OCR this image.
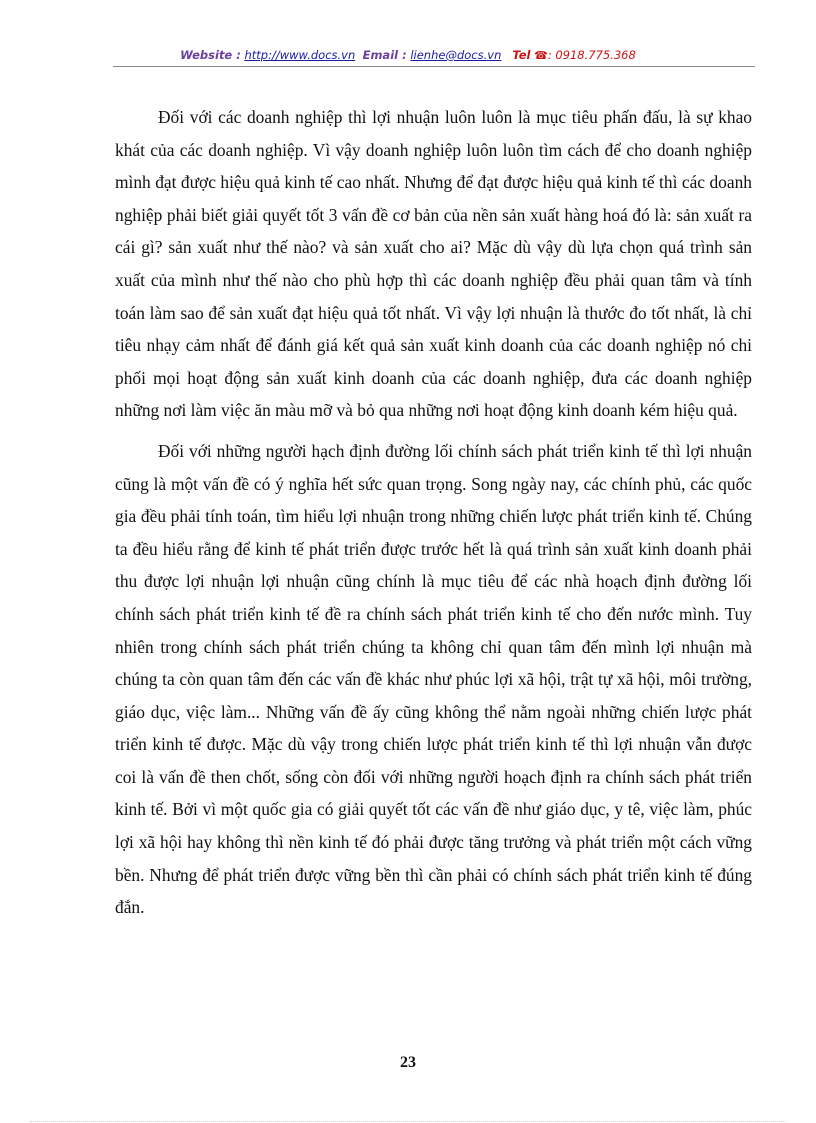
Website : http://www.docs.vn Email : lienhe@docs.vn Tel ☎: 0918.775.368

Đối với các doanh nghiệp thì lợi nhuận luôn luôn là mục tiêu phấn đấu, là sự khao khát của các doanh nghiệp. Vì vậy doanh nghiệp luôn luôn tìm cách để cho doanh nghiệp mình đạt được hiệu quả kinh tế cao nhất. Nhưng để đạt được hiệu quả kinh tế thì các doanh nghiệp phải biết giải quyết tốt 3 vấn đề cơ bản của nền sản xuất hàng hoá đó là: sản xuất ra cái gì? sản xuất như thế nào? và sản xuất cho ai? Mặc dù vậy dù lựa chọn quá trình sản xuất của mình như thế nào cho phù hợp thì các doanh nghiệp đều phải quan tâm và tính toán làm sao để sản xuất đạt hiệu quả tốt nhất. Vì vậy lợi nhuận là thước đo tốt nhất, là chỉ tiêu nhạy cảm nhất để đánh giá kết quả sản xuất kinh doanh của các doanh nghiệp nó chi phối mọi hoạt động sản xuất kinh doanh của các doanh nghiệp, đưa các doanh nghiệp những nơi làm việc ăn màu mỡ và bỏ qua những nơi hoạt động kinh doanh kém hiệu quả.

Đối với những người hạch định đường lối chính sách phát triển kinh tế thì lợi nhuận cũng là một vấn đề có ý nghĩa hết sức quan trọng. Song ngày nay, các chính phủ, các quốc gia đều phải tính toán, tìm hiểu lợi nhuận trong những chiến lược phát triển kinh tế. Chúng ta đều hiểu rằng để kinh tế phát triển được trước hết là quá trình sản xuất kinh doanh phải thu được lợi nhuận lợi nhuận cũng chính là mục tiêu để các nhà hoạch định đường lối chính sách phát triển kinh tế đề ra chính sách phát triển kinh tế cho đến nước mình. Tuy nhiên trong chính sách phát triển chúng ta không chỉ quan tâm đến mình lợi nhuận mà chúng ta còn quan tâm đến các vấn đề khác như phúc lợi xã hội, trật tự xã hội, môi trường, giáo dục, việc làm... Những vấn đề ấy cũng không thể nằm ngoài những chiến lược phát triển kinh tế được. Mặc dù vậy trong chiến lược phát triển kinh tế thì lợi nhuận vẫn được coi là vấn đề then chốt, sống còn đối với những người hoạch định ra chính sách phát triển kinh tế. Bởi vì một quốc gia có giải quyết tốt các vấn đề như giáo dục, y tê, việc làm, phúc lợi xã hội hay không thì nền kinh tế đó phải được tăng trưởng và phát triển một cách vững bền. Nhưng để phát triển được vững bền thì cần phải có chính sách phát triển kinh tế đúng đắn.

23
